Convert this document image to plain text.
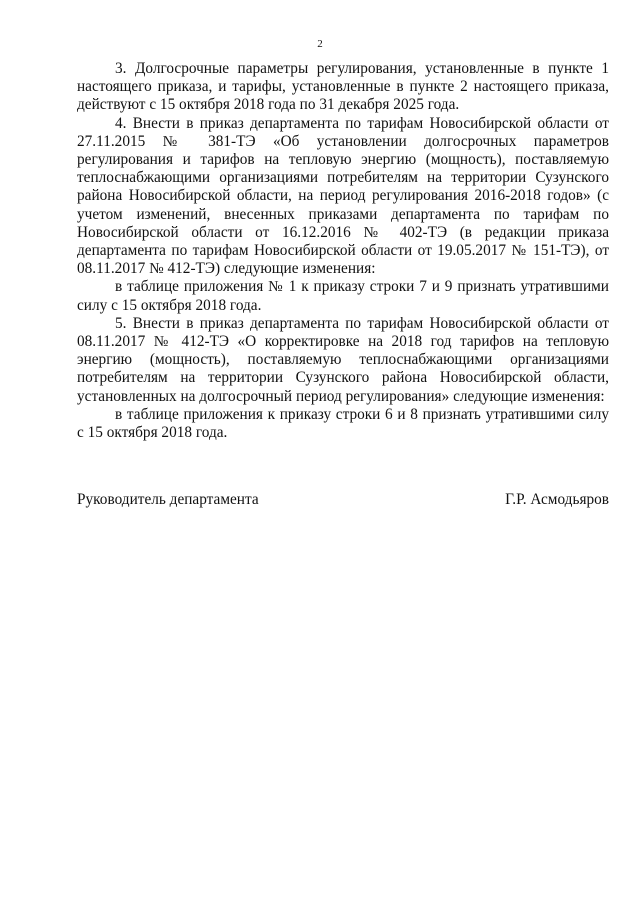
2

3. Долгосрочные параметры регулирования, установленные в пункте 1 настоящего приказа, и тарифы, установленные в пункте 2 настоящего приказа, действуют с 15 октября 2018 года по 31 декабря 2025 года.

4. Внести в приказ департамента по тарифам Новосибирской области от 27.11.2015 № 381-ТЭ «Об установлении долгосрочных параметров регулирования и тарифов на тепловую энергию (мощность), поставляемую теплоснабжающими организациями потребителям на территории Сузунского района Новосибирской области, на период регулирования 2016-2018 годов» (с учетом изменений, внесенных приказами департамента по тарифам по Новосибирской области от 16.12.2016 № 402-ТЭ (в редакции приказа департамента по тарифам Новосибирской области от 19.05.2017 № 151-ТЭ), от 08.11.2017 № 412-ТЭ) следующие изменения:

в таблице приложения № 1 к приказу строки 7 и 9 признать утратившими силу с 15 октября 2018 года.

5. Внести в приказ департамента по тарифам Новосибирской области от 08.11.2017 № 412-ТЭ «О корректировке на 2018 год тарифов на тепловую энергию (мощность), поставляемую теплоснабжающими организациями потребителям на территории Сузунского района Новосибирской области, установленных на долгосрочный период регулирования» следующие изменения:

в таблице приложения к приказу строки 6 и 8 признать утратившими силу с 15 октября 2018 года.

Руководитель департамента	Г.Р. Асмодьяров
